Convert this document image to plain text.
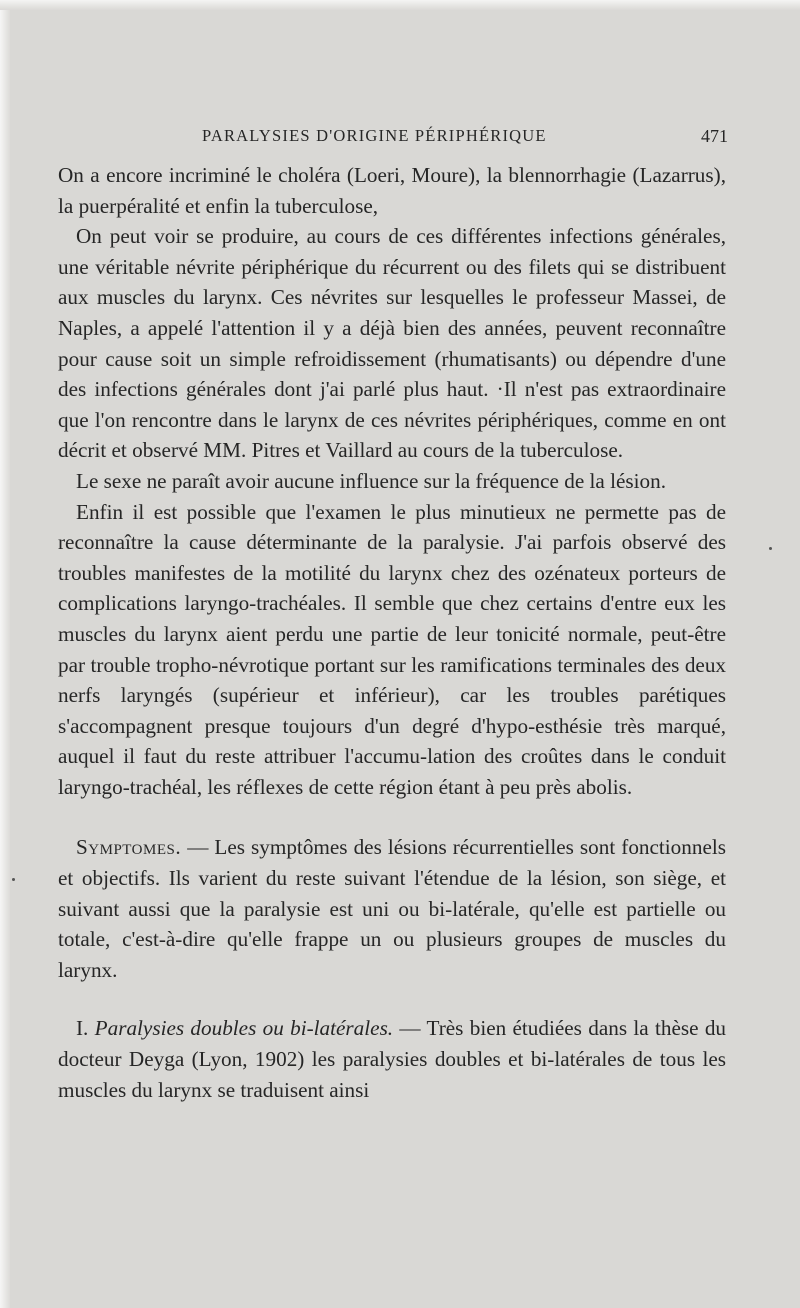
PARALYSIES D'ORIGINE PÉRIPHÉRIQUE	471

On a encore incriminé le choléra (Loeri, Moure), la blennorrhagie (Lazarrus), la puerpéralité et enfin la tuberculose,

On peut voir se produire, au cours de ces différentes infections générales, une véritable névrite périphérique du récurrent ou des filets qui se distribuent aux muscles du larynx. Ces névrites sur lesquelles le professeur Massei, de Naples, a appelé l'attention il y a déjà bien des années, peuvent reconnaître pour cause soit un simple refroidissement (rhumatisants) ou dépendre d'une des infections générales dont j'ai parlé plus haut. ·Il n'est pas extraordinaire que l'on rencontre dans le larynx de ces névrites périphériques, comme en ont décrit et observé MM. Pitres et Vaillard au cours de la tuberculose.

Le sexe ne paraît avoir aucune influence sur la fréquence de la lésion.

Enfin il est possible que l'examen le plus minutieux ne permette pas de reconnaître la cause déterminante de la paralysie. J'ai parfois observé des troubles manifestes de la motilité du larynx chez des ozénateux porteurs de complications laryngo-trachéales. Il semble que chez certains d'entre eux les muscles du larynx aient perdu une partie de leur tonicité normale, peut-être par trouble tropho-névrotique portant sur les ramifications terminales des deux nerfs laryngés (supérieur et inférieur), car les troubles parétiques s'accompagnent presque toujours d'un degré d'hypo-esthésie très marqué, auquel il faut du reste attribuer l'accumu-lation des croûtes dans le conduit laryngo-trachéal, les réflexes de cette région étant à peu près abolis.

Symptomes. — Les symptômes des lésions récurrentielles sont fonctionnels et objectifs. Ils varient du reste suivant l'étendue de la lésion, son siège, et suivant aussi que la paralysie est uni ou bi-latérale, qu'elle est partielle ou totale, c'est-à-dire qu'elle frappe un ou plusieurs groupes de muscles du larynx.

I. Paralysies doubles ou bi-latérales. — Très bien étudiées dans la thèse du docteur Deyga (Lyon, 1902) les paralysies doubles et bi-latérales de tous les muscles du larynx se traduisent ainsi
